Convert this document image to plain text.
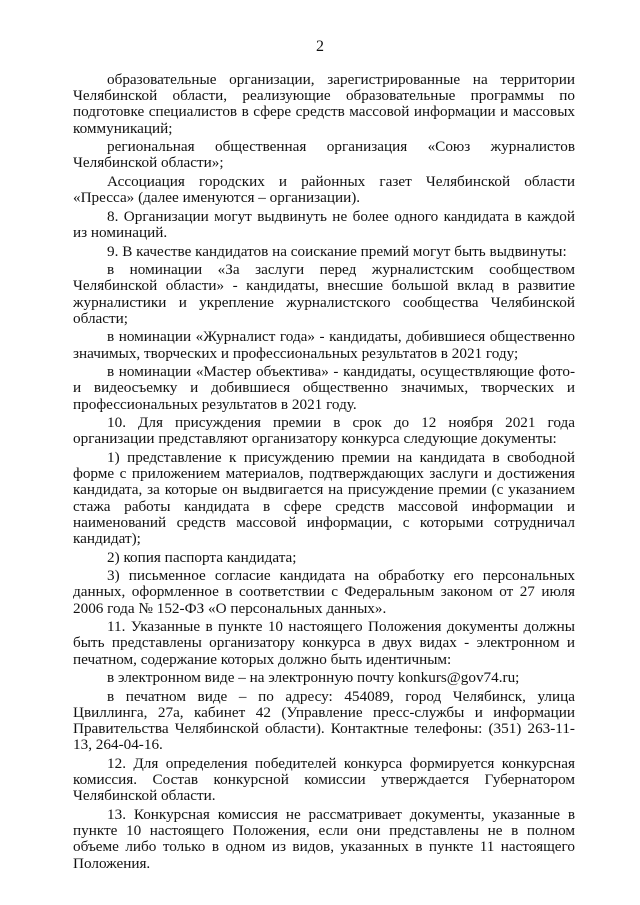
2

образовательные организации, зарегистрированные на территории Челябинской области, реализующие образовательные программы по подготовке специалистов в сфере средств массовой информации и массовых коммуникаций;

региональная общественная организация «Союз журналистов Челябинской области»;

Ассоциация городских и районных газет Челябинской области «Пресса» (далее именуются – организации).

8. Организации могут выдвинуть не более одного кандидата в каждой из номинаций.

9. В качестве кандидатов на соискание премий могут быть выдвинуты:

в номинации «За заслуги перед журналистским сообществом Челябинской области» - кандидаты, внесшие большой вклад в развитие журналистики и укрепление журналистского сообщества Челябинской области;

в номинации «Журналист года» - кандидаты, добившиеся общественно значимых, творческих и профессиональных результатов в 2021 году;

в номинации «Мастер объектива» - кандидаты, осуществляющие фото- и видеосъемку и добившиеся общественно значимых, творческих и профессиональных результатов в 2021 году.

10. Для присуждения премии в срок до 12 ноября 2021 года организации представляют организатору конкурса следующие документы:

1) представление к присуждению премии на кандидата в свободной форме с приложением материалов, подтверждающих заслуги и достижения кандидата, за которые он выдвигается на присуждение премии (с указанием стажа работы кандидата в сфере средств массовой информации и наименований средств массовой информации, с которыми сотрудничал кандидат);

2) копия паспорта кандидата;

3) письменное согласие кандидата на обработку его персональных данных, оформленное в соответствии с Федеральным законом от 27 июля 2006 года № 152-ФЗ «О персональных данных».

11. Указанные в пункте 10 настоящего Положения документы должны быть представлены организатору конкурса в двух видах - электронном и печатном, содержание которых должно быть идентичным:

в электронном виде – на электронную почту konkurs@gov74.ru;

в печатном виде – по адресу: 454089, город Челябинск, улица Цвиллинга, 27а, кабинет 42 (Управление пресс-службы и информации Правительства Челябинской области). Контактные телефоны: (351) 263-11-13, 264-04-16.

12. Для определения победителей конкурса формируется конкурсная комиссия. Состав конкурсной комиссии утверждается Губернатором Челябинской области.

13. Конкурсная комиссия не рассматривает документы, указанные в пункте 10 настоящего Положения, если они представлены не в полном объеме либо только в одном из видов, указанных в пункте 11 настоящего Положения.
